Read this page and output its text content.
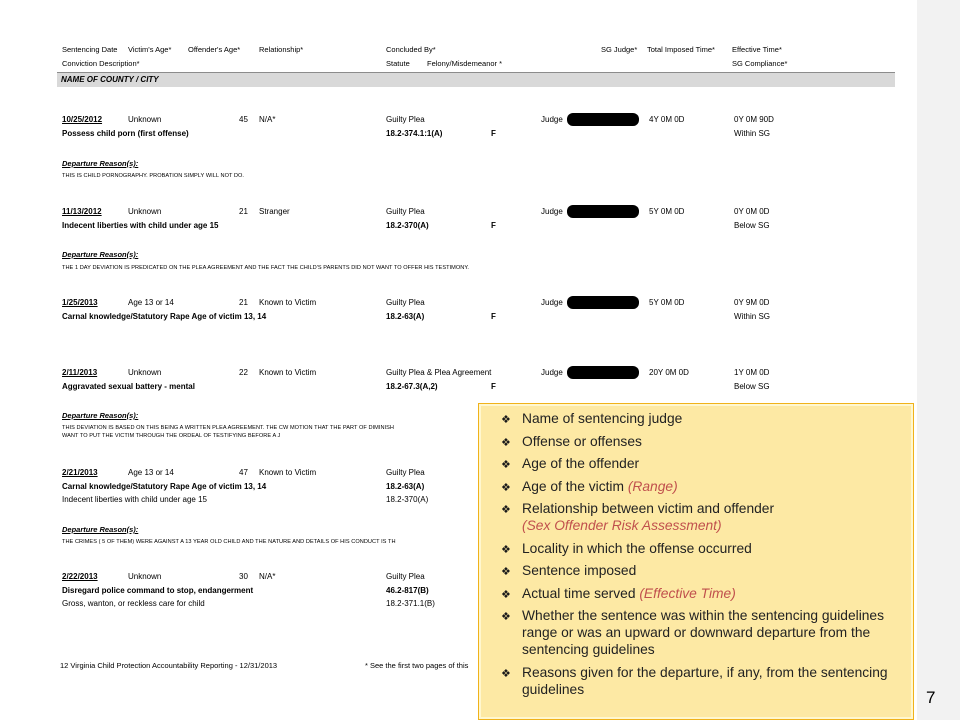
Sentencing Date Victim's Age* Offender's Age*	Relationship*	Concluded By*	SG Judge* Total Imposed Time* Effective Time*
Conviction Description*	Statute Felony/Misdemeanor *	SG Compliance*
NAME OF COUNTY / CITY
10/25/2012	Unknown	45 N/A*	Guilty Plea	Judge	4Y 0M 0D	0Y 0M 90D
Possess child porn (first offense)	18.2-374.1:1(A)	F	Within SG
Departure Reason(s):
THIS IS CHILD PORNOGRAPHY. PROBATION SIMPLY WILL NOT DO.
11/13/2012	Unknown	21 Stranger	Guilty Plea	Judge	5Y 0M 0D	0Y 0M 0D
Indecent liberties with child under age 15	18.2-370(A)	F	Below SG
Departure Reason(s):
THE 1 DAY DEVIATION IS PREDICATED ON THE PLEA AGREEMENT AND THE FACT THE CHILD'S PARENTS DID NOT WANT TO OFFER HIS TESTIMONY.
1/25/2013	Age 13 or 14	21 Known to Victim	Guilty Plea	Judge	5Y 0M 0D	0Y 9M 0D
Carnal knowledge/Statutory Rape Age of victim 13, 14	18.2-63(A)	F	Within SG
2/11/2013	Unknown	22 Known to Victim	Guilty Plea & Plea Agreement	Judge	20Y 0M 0D	1Y 0M 0D
Aggravated sexual battery - mental	18.2-67.3(A,2)	F	Below SG
Departure Reason(s):
THIS DEVIATION IS BASED ON THIS BEING A WRITTEN PLEA AGREEMENT. THE CW MOTION THAT THE PART OF DIMINISH
WANT TO PUT THE VICTIM THROUGH THE ORDEAL OF TESTIFYING BEFORE A J
2/21/2013	Age 13 or 14	47 Known to Victim	Guilty Plea
Carnal knowledge/Statutory Rape Age of victim 13, 14	18.2-63(A)
Indecent liberties with child under age 15	18.2-370(A)
Departure Reason(s):
THE CRIMES ( 5 OF THEM) WERE AGAINST A 13 YEAR OLD CHILD AND THE NATURE AND DETAILS OF HIS CONDUCT IS TH
2/22/2013	Unknown	30 N/A*	Guilty Plea
Disregard police command to stop, endangerment	46.2-817(B)
Gross, wanton, or reckless care for child	18.2-371.1(B)
12 Virginia Child Protection Accountability Reporting - 12/31/2013	* See the first two pages of this
❖ Name of sentencing judge
❖ Offense or offenses
❖ Age of the offender
❖ Age of the victim (Range)
❖ Relationship between victim and offender
(Sex Offender Risk Assessment)
❖ Locality in which the offense occurred
❖ Sentence imposed
❖ Actual time served (Effective Time)
❖ Whether the sentence was within the sentencing guidelines range or was an upward or downward departure from the sentencing guidelines
❖ Reasons given for the departure, if any, from the sentencing guidelines	7
